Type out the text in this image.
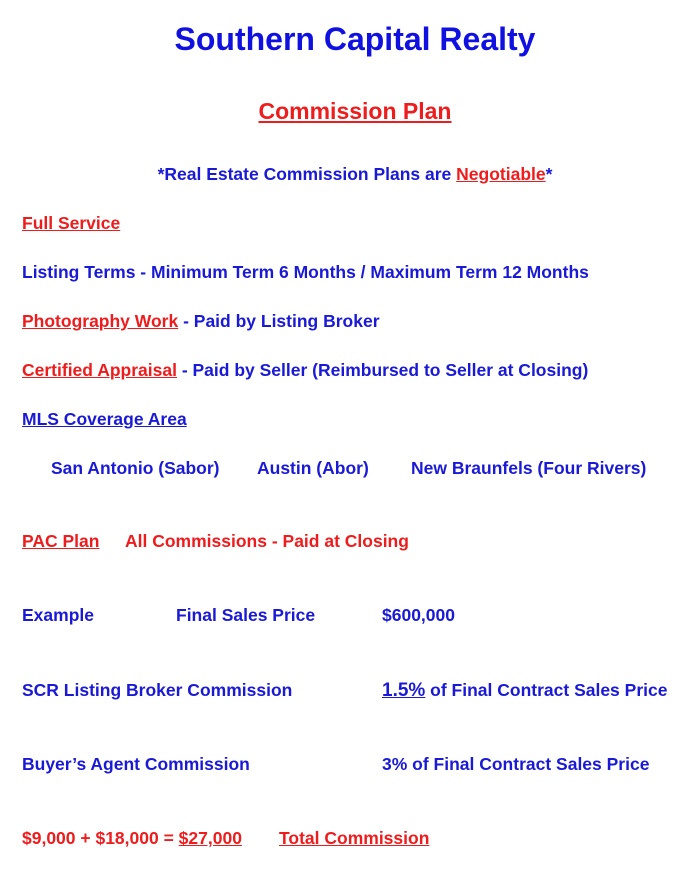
Southern Capital Realty
Commission Plan
*Real Estate Commission Plans are Negotiable*
Full Service
Listing Terms - Minimum Term 6 Months / Maximum Term 12 Months
Photography Work - Paid by Listing Broker
Certified Appraisal - Paid by Seller (Reimbursed to Seller at Closing)
MLS Coverage Area
San Antonio (Sabor) Austin (Abor) New Braunfels (Four Rivers)
PAC Plan All Commissions - Paid at Closing
Example	Final Sales Price	$600,000
SCR Listing Broker Commission	1.5% of Final Contract Sales Price
Buyer’s Agent Commission	3% of Final Contract Sales Price
$9,000 + $18,000 = $27,000 Total Commission
